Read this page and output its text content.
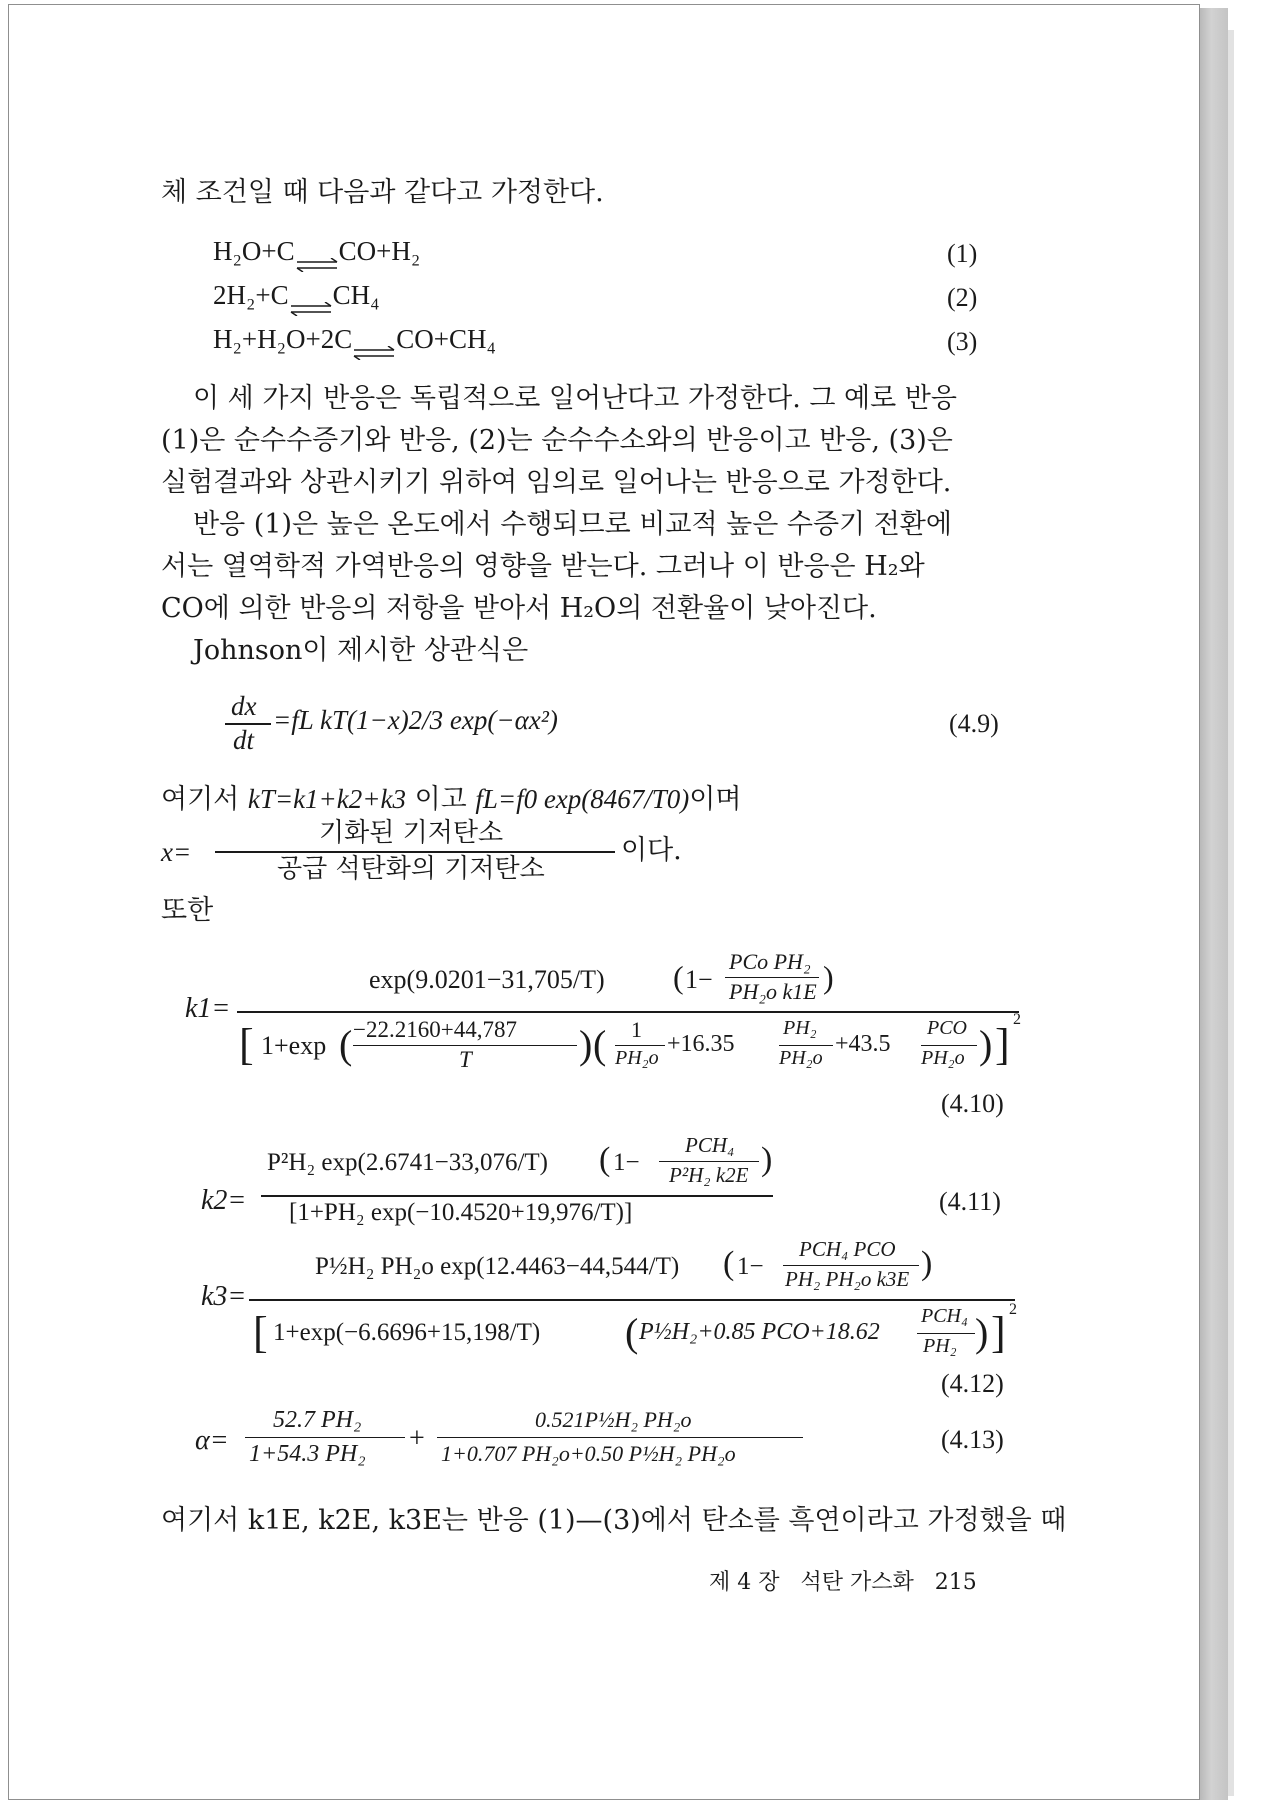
체 조건일 때 다음과 같다고 가정한다.
H₂O+C⇌CO+H₂	(1)
2H₂+C⇌CH₄	(2)
H₂+H₂O+2C⇌CO+CH₄	(3)
이 세 가지 반응은 독립적으로 일어난다고 가정한다. 그 예로 반응
(1)은 순수수증기와 반응, (2)는 순수수소와의 반응이고 반응, (3)은
실험결과와 상관시키기 위하여 임의로 일어나는 반응으로 가정한다.
반응 (1)은 높은 온도에서 수행되므로 비교적 높은 수증기 전환에
서는 열역학적 가역반응의 영향을 받는다. 그러나 이 반응은 H₂와
CO에 의한 반응의 저항을 받아서 H₂O의 전환율이 낮아진다.
Johnson이 제시한 상관식은
dx
dt
=fL kT(1−x)2/3 exp(−αx²)	(4.9)
여기서 kT=k1+k2+k3 이고 fL=f0 exp(8467/T0)이며
x=
기화된 기저탄소
공급 석탄화의 기저탄소
이다.
또한
k1=
exp(9.0201−31,705/T) ( 1−
PCo PH₂
PH₂o k1E )
[ 1+exp ( −22.2160+44,787
T	) ( 1
PH₂o
+16.35
PH₂
PH₂o
+43.5
PCO
PH₂o ) ]
2
(4.10)
k2=
P²H₂ exp(2.6741−33,076/T) ( 1−
PCH₄
P²H₂ k2E )
[1+PH₂ exp(−10.4520+19,976/T)]	(4.11)
k3=
P½H₂ PH₂o exp(12.4463−44,544/T) ( 1−
PCH₄ PCO
PH₂ PH₂o k3E )
[ 1+exp(−6.6696+15,198/T) ( P½H₂+0.85 PCO+18.62
PCH₄
PH₂ ) ] 2
(4.12)
α=
52.7 PH₂
1+54.3 PH₂ +
0.521P½H₂ PH₂o
1+0.707 PH₂o+0.50 P½H₂ PH₂o	(4.13)
여기서 k1E, k2E, k3E는 반응 (1)—(3)에서 탄소를 흑연이라고 가정했을 때
제 4 장 석탄 가스화 215
